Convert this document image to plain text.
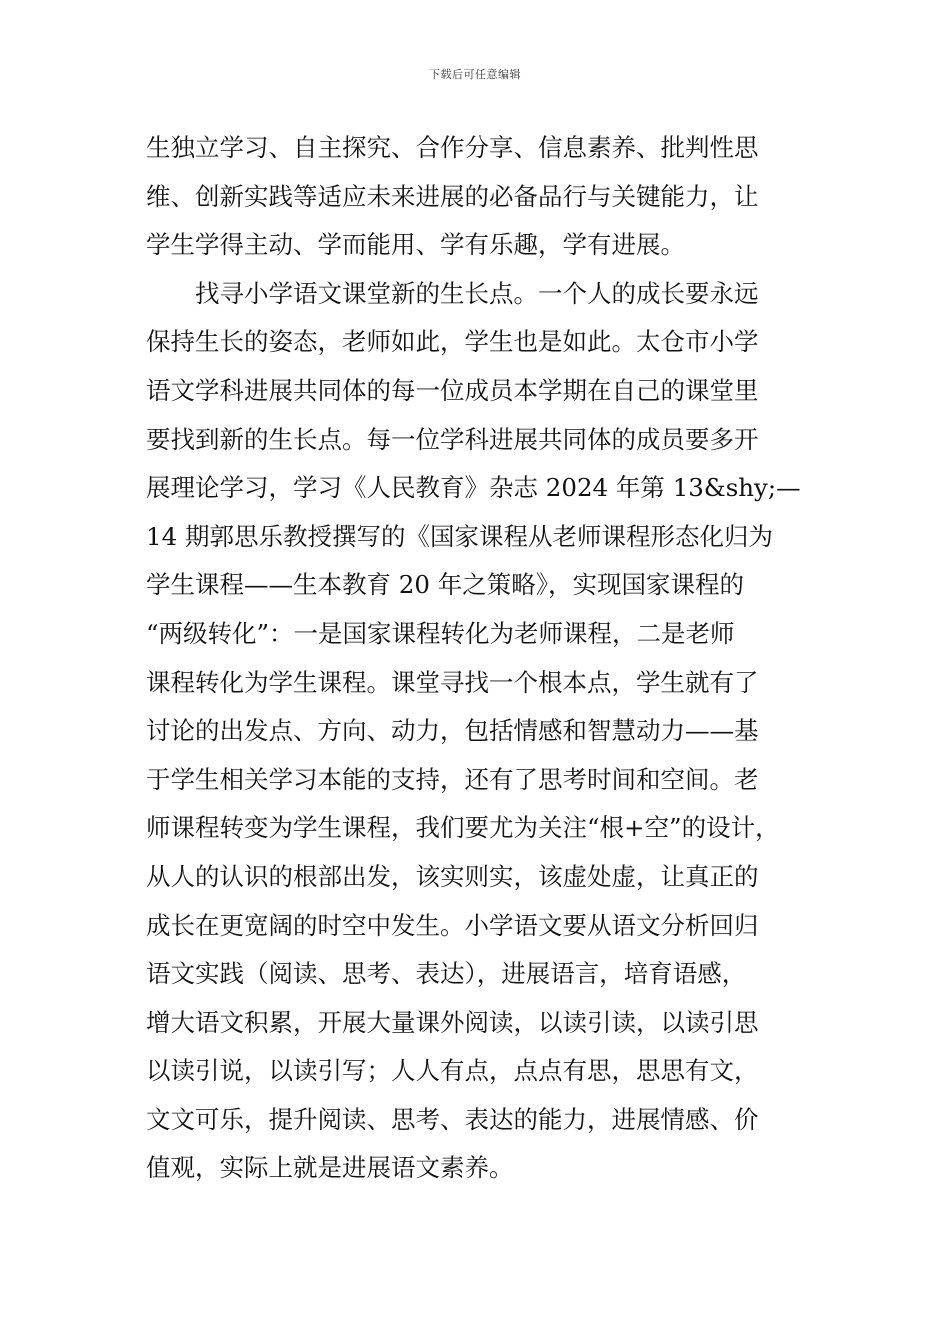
下载后可任意编辑
生独立学习、自主探究、合作分享、信息素养、批判性思
维、创新实践等适应未来进展的必备品行与关键能力，让
学生学得主动、学而能用、学有乐趣，学有进展。
　　找寻小学语文课堂新的生长点。一个人的成长要永远
保持生长的姿态，老师如此，学生也是如此。太仓市小学
语文学科进展共同体的每一位成员本学期在自己的课堂里
要找到新的生长点。每一位学科进展共同体的成员要多开
展理论学习，学习《人民教育》杂志 2024 年第 13&shy;—
14 期郭思乐教授撰写的《国家课程从老师课程形态化归为
学生课程——生本教育 20 年之策略》，实现国家课程的
“两级转化”：一是国家课程转化为老师课程，二是老师
课程转化为学生课程。课堂寻找一个根本点，学生就有了
讨论的出发点、方向、动力，包括情感和智慧动力——基
于学生相关学习本能的支持，还有了思考时间和空间。老
师课程转变为学生课程，我们要尤为关注“根+空”的设计，
从人的认识的根部出发，该实则实，该虚处虚，让真正的
成长在更宽阔的时空中发生。小学语文要从语文分析回归
语文实践（阅读、思考、表达），进展语言，培育语感，
增大语文积累，开展大量课外阅读，以读引读，以读引思
以读引说，以读引写；人人有点，点点有思，思思有文，
文文可乐，提升阅读、思考、表达的能力，进展情感、价
值观，实际上就是进展语文素养。
